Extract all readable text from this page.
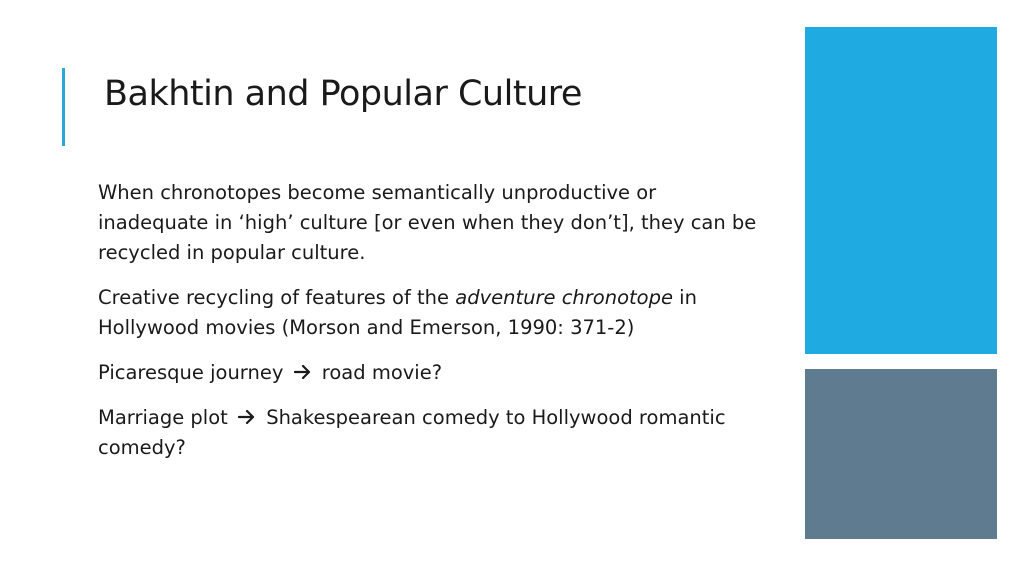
Bakhtin and Popular Culture

When chronotopes become semantically unproductive or inadequate in ‘high’ culture [or even when they don’t], they can be recycled in popular culture.

Creative recycling of features of the adventure chronotope in Hollywood movies (Morson and Emerson, 1990: 371-2)

Picaresque journey road movie?

Marriage plot Shakespearean comedy to Hollywood romantic comedy?
